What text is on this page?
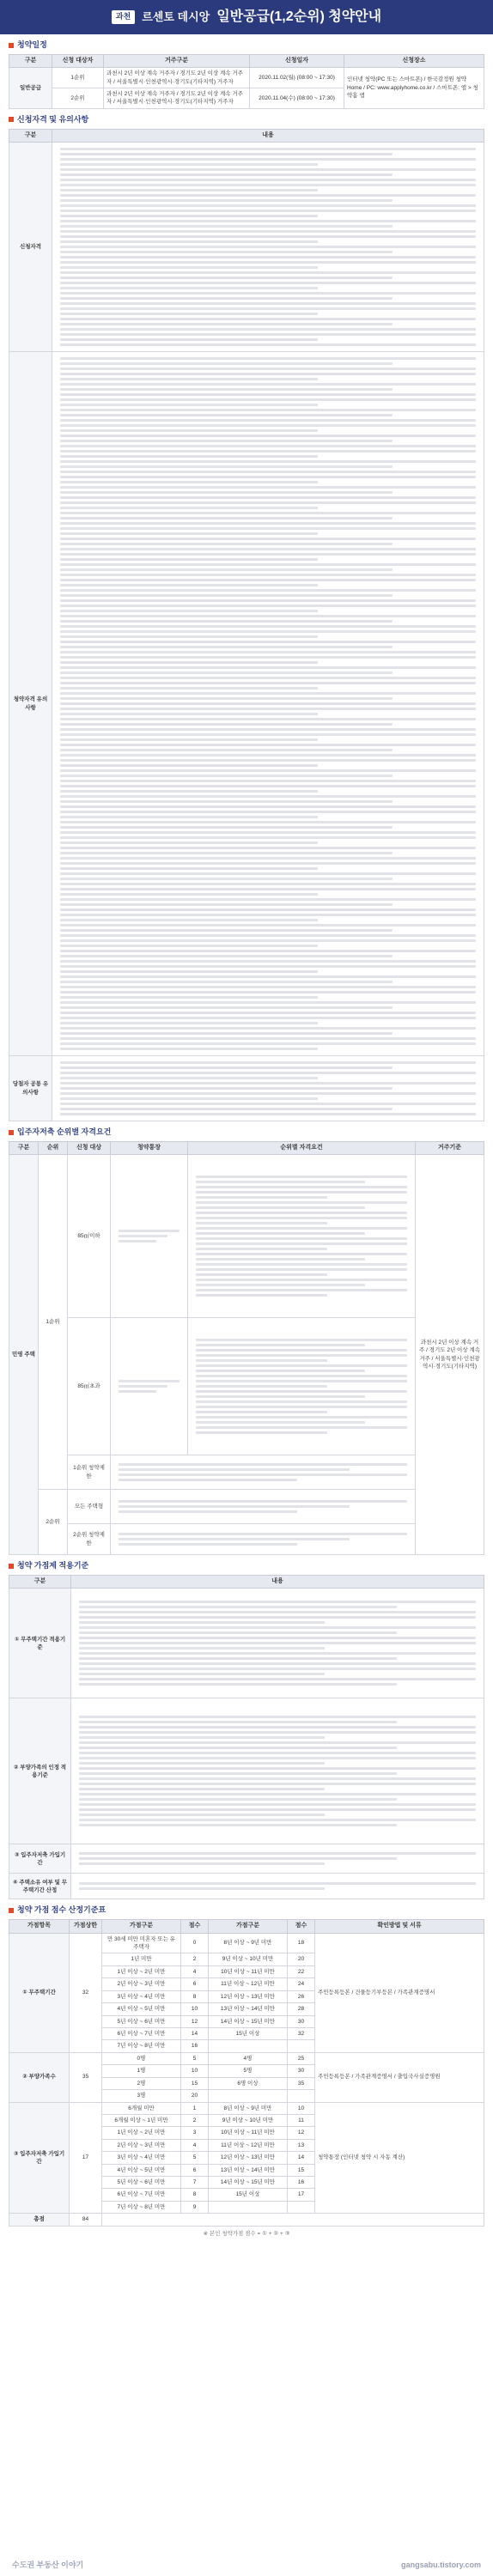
과천	르센토 데시앙 일반공급(1,2순위) 청약안내
청약일정
구분	신청 대상자	거주구분	신청일자	신청장소
일반공급	1순위	과천시 2년 이상 계속 거주자 / 경기도 2년 이상 계속 거주자 / 서울특별시·인천광역시·경기도(기타지역) 거주자	2020.11.02(월) (08:00 ~ 17:30)	인터넷 청약(PC 또는 스마트폰) / 한국감정원 청약Home / PC: www.applyhome.co.kr / 스마트폰: 앱 > 청약홈 앱
	2순위	과천시 2년 이상 계속 거주자 / 경기도 2년 이상 계속 거주자 / 서울특별시·인천광역시·경기도(기타지역) 거주자	2020.11.04(수) (08:00 ~ 17:30)	
신청자격 및 유의사항
구분	내용
신청자격	

청약자격 유의사항	

당첨자 공통 유의사항	
입주자저축 순위별 자격요건
구분	순위	신청 대상	청약통장	순위별 자격요건	거주기준
민영 주택	1순위	85㎡이하			과천시 2년 이상 계속 거주 / 경기도 2년 이상 계속 거주 / 서울특별시·인천광역시·경기도(기타지역)
		85㎡초과		

		1순위 청약제한			

	2순위	모든 주택형			

		2순위 청약제한			
청약 가점제 적용기준
구분	내용
① 무주택기간 적용기준	

② 부양가족의 인정 적용기준	

③ 입주자저축 가입기간	

④ 주택소유 여부 및 무주택기간 산정	
청약 가점 점수 산정기준표
가점항목	가점상한	가점구분	점수	가점구분	점수	확인방법 및 서류
① 무주택기간	32	만 30세 미만 미혼자 또는 유주택자	0	8년 이상 ~ 9년 미만	18	주민등록등본 / 건물등기부등본 / 가족관계증명서
		1년 미만	2	9년 이상 ~ 10년 미만	20	
		1년 이상 ~ 2년 미만	4	10년 이상 ~ 11년 미만	22	
		2년 이상 ~ 3년 미만	6	11년 이상 ~ 12년 미만	24	
		3년 이상 ~ 4년 미만	8	12년 이상 ~ 13년 미만	26	
		4년 이상 ~ 5년 미만	10	13년 이상 ~ 14년 미만	28	
		5년 이상 ~ 6년 미만	12	14년 이상 ~ 15년 미만	30	
		6년 이상 ~ 7년 미만	14	15년 이상	32	
		7년 이상 ~ 8년 미만	16			
② 부양가족수	35	0명	5	4명	25	주민등록등본 / 가족관계증명서 / 출입국사실증명원
		1명	10	5명	30	
		2명	15	6명 이상	35	
		3명	20			
③ 입주자저축 가입기간	17	6개월 미만	1	8년 이상 ~ 9년 미만	10	청약통장 (인터넷 청약 시 자동 계산)
		6개월 이상 ~ 1년 미만	2	9년 이상 ~ 10년 미만	11	
		1년 이상 ~ 2년 미만	3	10년 이상 ~ 11년 미만	12	
		2년 이상 ~ 3년 미만	4	11년 이상 ~ 12년 미만	13	
		3년 이상 ~ 4년 미만	5	12년 이상 ~ 13년 미만	14	
		4년 이상 ~ 5년 미만	6	13년 이상 ~ 14년 미만	15	
		5년 이상 ~ 6년 미만	7	14년 이상 ~ 15년 미만	16	
		6년 이상 ~ 7년 미만	8	15년 이상	17	
		7년 이상 ~ 8년 미만	9			
총점	84					
※ 본인 청약가점 점수 = ① + ② + ③
수도권 부동산 이야기	gangsabu.tistory.com
